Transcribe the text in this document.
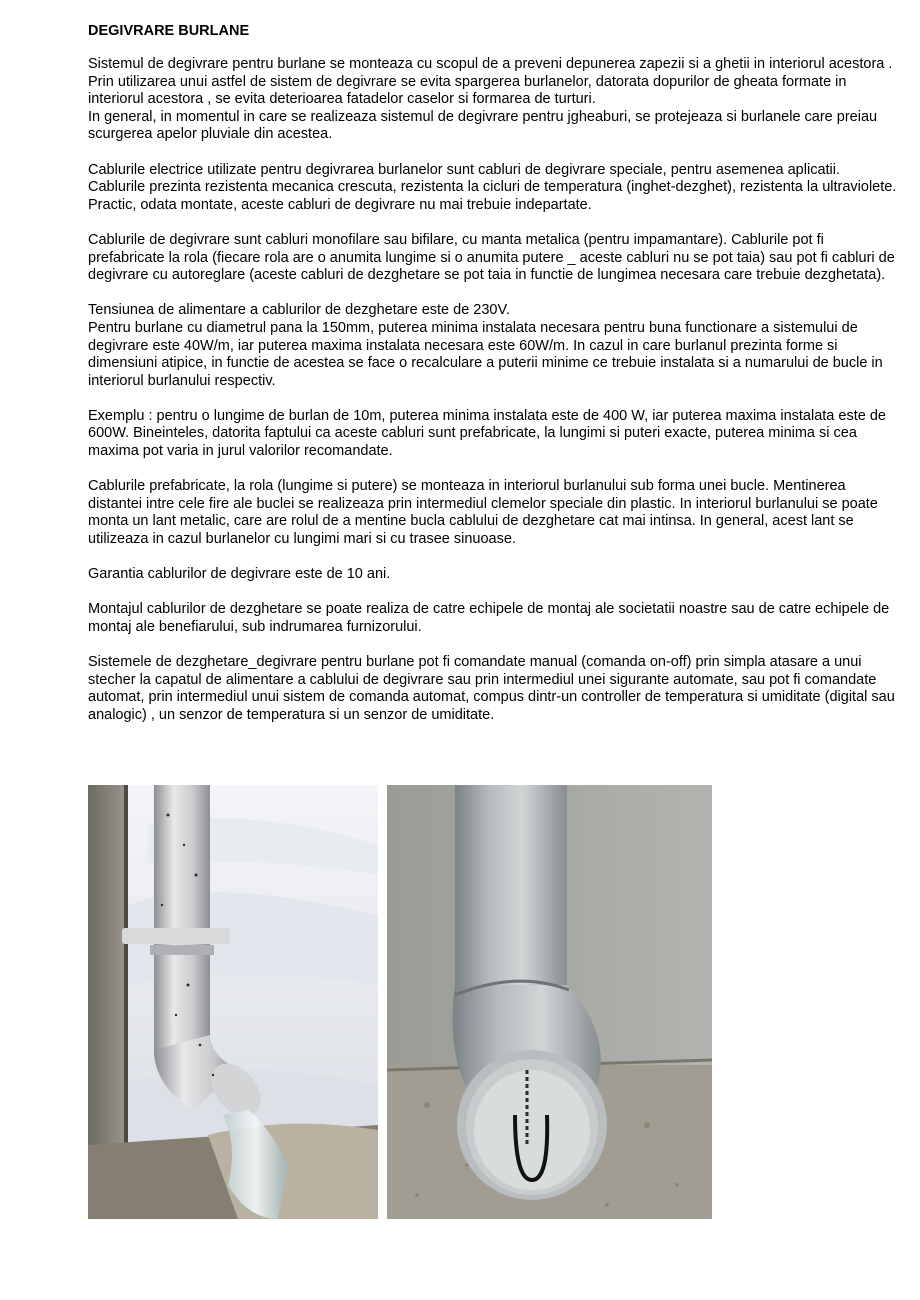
DEGIVRARE BURLANE
Sistemul de degivrare pentru burlane se monteaza cu scopul de a preveni depunerea zapezii si a ghetii in interiorul acestora .
Prin utilizarea unui astfel de sistem de degivrare se evita spargerea burlanelor, datorata dopurilor de gheata formate in interiorul acestora , se evita deterioarea fatadelor caselor si formarea de turturi.
In general, in momentul in care se realizeaza sistemul de degivrare pentru jgheaburi, se protejeaza si burlanele care preiau scurgerea apelor pluviale din acestea.
Cablurile electrice utilizate pentru degivrarea burlanelor sunt cabluri de degivrare speciale, pentru asemenea aplicatii. Cablurile prezinta rezistenta mecanica crescuta, rezistenta la cicluri de temperatura (inghet-dezghet), rezistenta la ultraviolete. Practic, odata montate, aceste cabluri de degivrare nu mai trebuie indepartate.
Cablurile de degivrare sunt cabluri monofilare sau bifilare, cu manta metalica (pentru impamantare). Cablurile pot fi prefabricate la rola (fiecare rola are o anumita lungime si o anumita putere _ aceste cabluri nu se pot taia) sau pot fi cabluri de degivrare cu autoreglare (aceste cabluri de dezghetare se pot taia in functie de lungimea necesara care trebuie dezghetata).
Tensiunea de alimentare a cablurilor de dezghetare este de 230V.
Pentru burlane cu diametrul pana la 150mm, puterea minima instalata necesara pentru buna functionare a sistemului de degivrare este 40W/m, iar puterea maxima instalata necesara este 60W/m. In cazul in care burlanul prezinta forme si dimensiuni atipice, in functie de acestea se face o recalculare a puterii minime ce trebuie instalata si a numarului de bucle in interiorul burlanului respectiv.
Exemplu : pentru o lungime de burlan de 10m, puterea minima instalata este de 400 W, iar puterea maxima instalata este de 600W. Bineinteles, datorita faptului ca aceste cabluri sunt prefabricate, la lungimi si puteri exacte, puterea minima si cea maxima pot varia in jurul valorilor recomandate.
Cablurile prefabricate, la rola (lungime si putere) se monteaza in interiorul burlanului sub forma unei bucle. Mentinerea distantei intre cele fire ale buclei se realizeaza prin intermediul clemelor speciale din plastic. In interiorul burlanului se poate monta un lant metalic, care are rolul de a mentine bucla cablului de dezghetare cat mai intinsa. In general, acest lant se utilizeaza in cazul burlanelor cu lungimi mari si cu trasee sinuoase.
Garantia cablurilor de degivrare este de 10 ani.
Montajul cablurilor de dezghetare se poate realiza de catre echipele de montaj ale societatii noastre sau de catre echipele de montaj ale benefiarului, sub indrumarea furnizorului.
Sistemele de dezghetare_degivrare pentru burlane pot fi comandate manual (comanda on-off) prin simpla atasare a unui stecher la capatul de alimentare a cablului de degivrare sau prin intermediul unei sigurante automate, sau pot fi comandate automat, prin intermediul unui sistem de comanda automat, compus dintr-un controller de temperatura si umiditate (digital sau analogic) , un senzor de temperatura si un senzor de umiditate.
